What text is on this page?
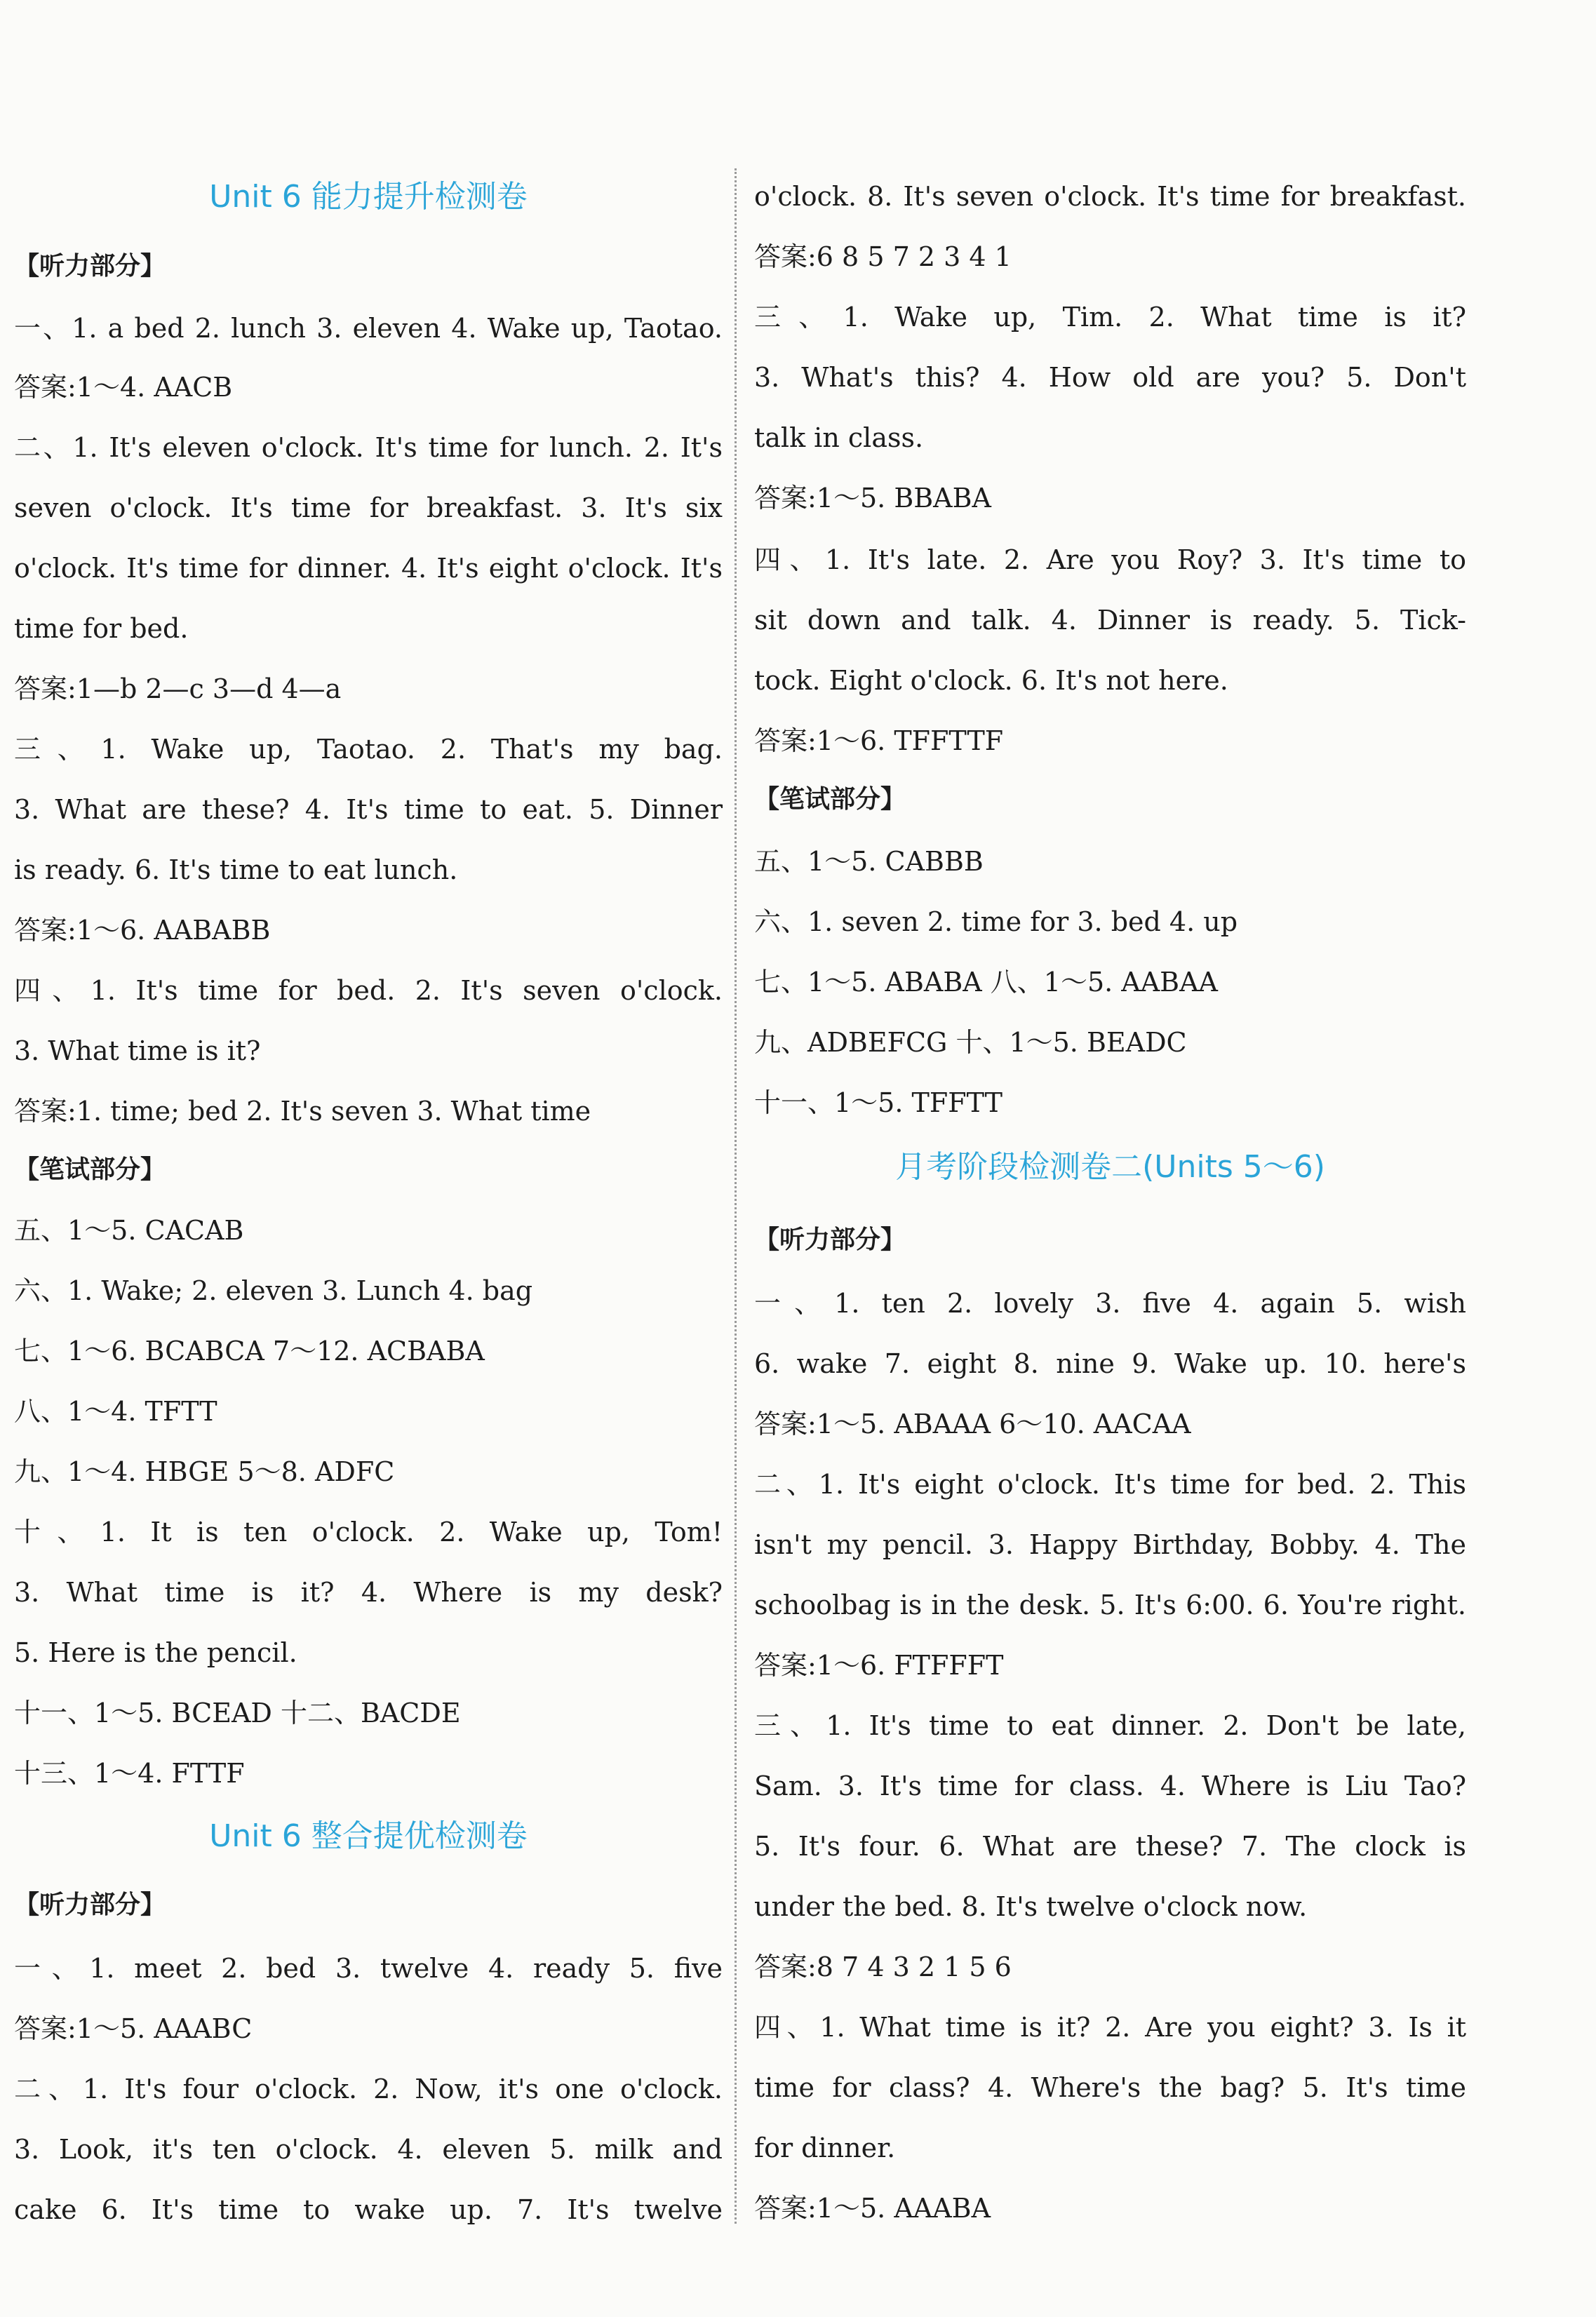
Unit 6 能力提升检测卷
【听力部分】
一、1. a bed 2. lunch 3. eleven 4. Wake up, Taotao.
答案:1～4. AACB
二、1. It's eleven o'clock. It's time for lunch. 2. It's
seven o'clock. It's time for breakfast. 3. It's six
o'clock. It's time for dinner. 4. It's eight o'clock. It's
time for bed.
答案:1—b 2—c 3—d 4—a
三、1. Wake up, Taotao. 2. That's my bag.
3. What are these? 4. It's time to eat. 5. Dinner
is ready. 6. It's time to eat lunch.
答案:1～6. AABABB
四、1. It's time for bed. 2. It's seven o'clock.
3. What time is it?
答案:1. time; bed 2. It's seven 3. What time
【笔试部分】
五、1～5. CACAB
六、1. Wake; 2. eleven 3. Lunch 4. bag
七、1～6. BCABCA 7～12. ACBABA
八、1～4. TFTT
九、1～4. HBGE 5～8. ADFC
十、1. It is ten o'clock. 2. Wake up, Tom!
3. What time is it? 4. Where is my desk?
5. Here is the pencil.
十一、1～5. BCEAD 十二、BACDE
十三、1～4. FTTF
Unit 6 整合提优检测卷
【听力部分】
一、1. meet 2. bed 3. twelve 4. ready 5. five
答案:1～5. AAABC
二、1. It's four o'clock. 2. Now, it's one o'clock.
3. Look, it's ten o'clock. 4. eleven 5. milk and
cake 6. It's time to wake up. 7. It's twelve
o'clock. 8. It's seven o'clock. It's time for breakfast.
答案:6 8 5 7 2 3 4 1
三、1. Wake up, Tim. 2. What time is it?
3. What's this? 4. How old are you? 5. Don't
talk in class.
答案:1～5. BBABA
四、1. It's late. 2. Are you Roy? 3. It's time to
sit down and talk. 4. Dinner is ready. 5. Tick-
tock. Eight o'clock. 6. It's not here.
答案:1～6. TFFTTF
【笔试部分】
五、1～5. CABBB
六、1. seven 2. time for 3. bed 4. up
七、1～5. ABABA 八、1～5. AABAA
九、ADBEFCG 十、1～5. BEADC
十一、1～5. TFFTT
月考阶段检测卷二(Units 5～6)
【听力部分】
一、1. ten 2. lovely 3. five 4. again 5. wish
6. wake 7. eight 8. nine 9. Wake up. 10. here's
答案:1～5. ABAAA 6～10. AACAA
二、1. It's eight o'clock. It's time for bed. 2. This
isn't my pencil. 3. Happy Birthday, Bobby. 4. The
schoolbag is in the desk. 5. It's 6:00. 6. You're right.
答案:1～6. FTFFFT
三、1. It's time to eat dinner. 2. Don't be late,
Sam. 3. It's time for class. 4. Where is Liu Tao?
5. It's four. 6. What are these? 7. The clock is
under the bed. 8. It's twelve o'clock now.
答案:8 7 4 3 2 1 5 6
四、1. What time is it? 2. Are you eight? 3. Is it
time for class? 4. Where's the bag? 5. It's time
for dinner.
答案:1～5. AAABA
